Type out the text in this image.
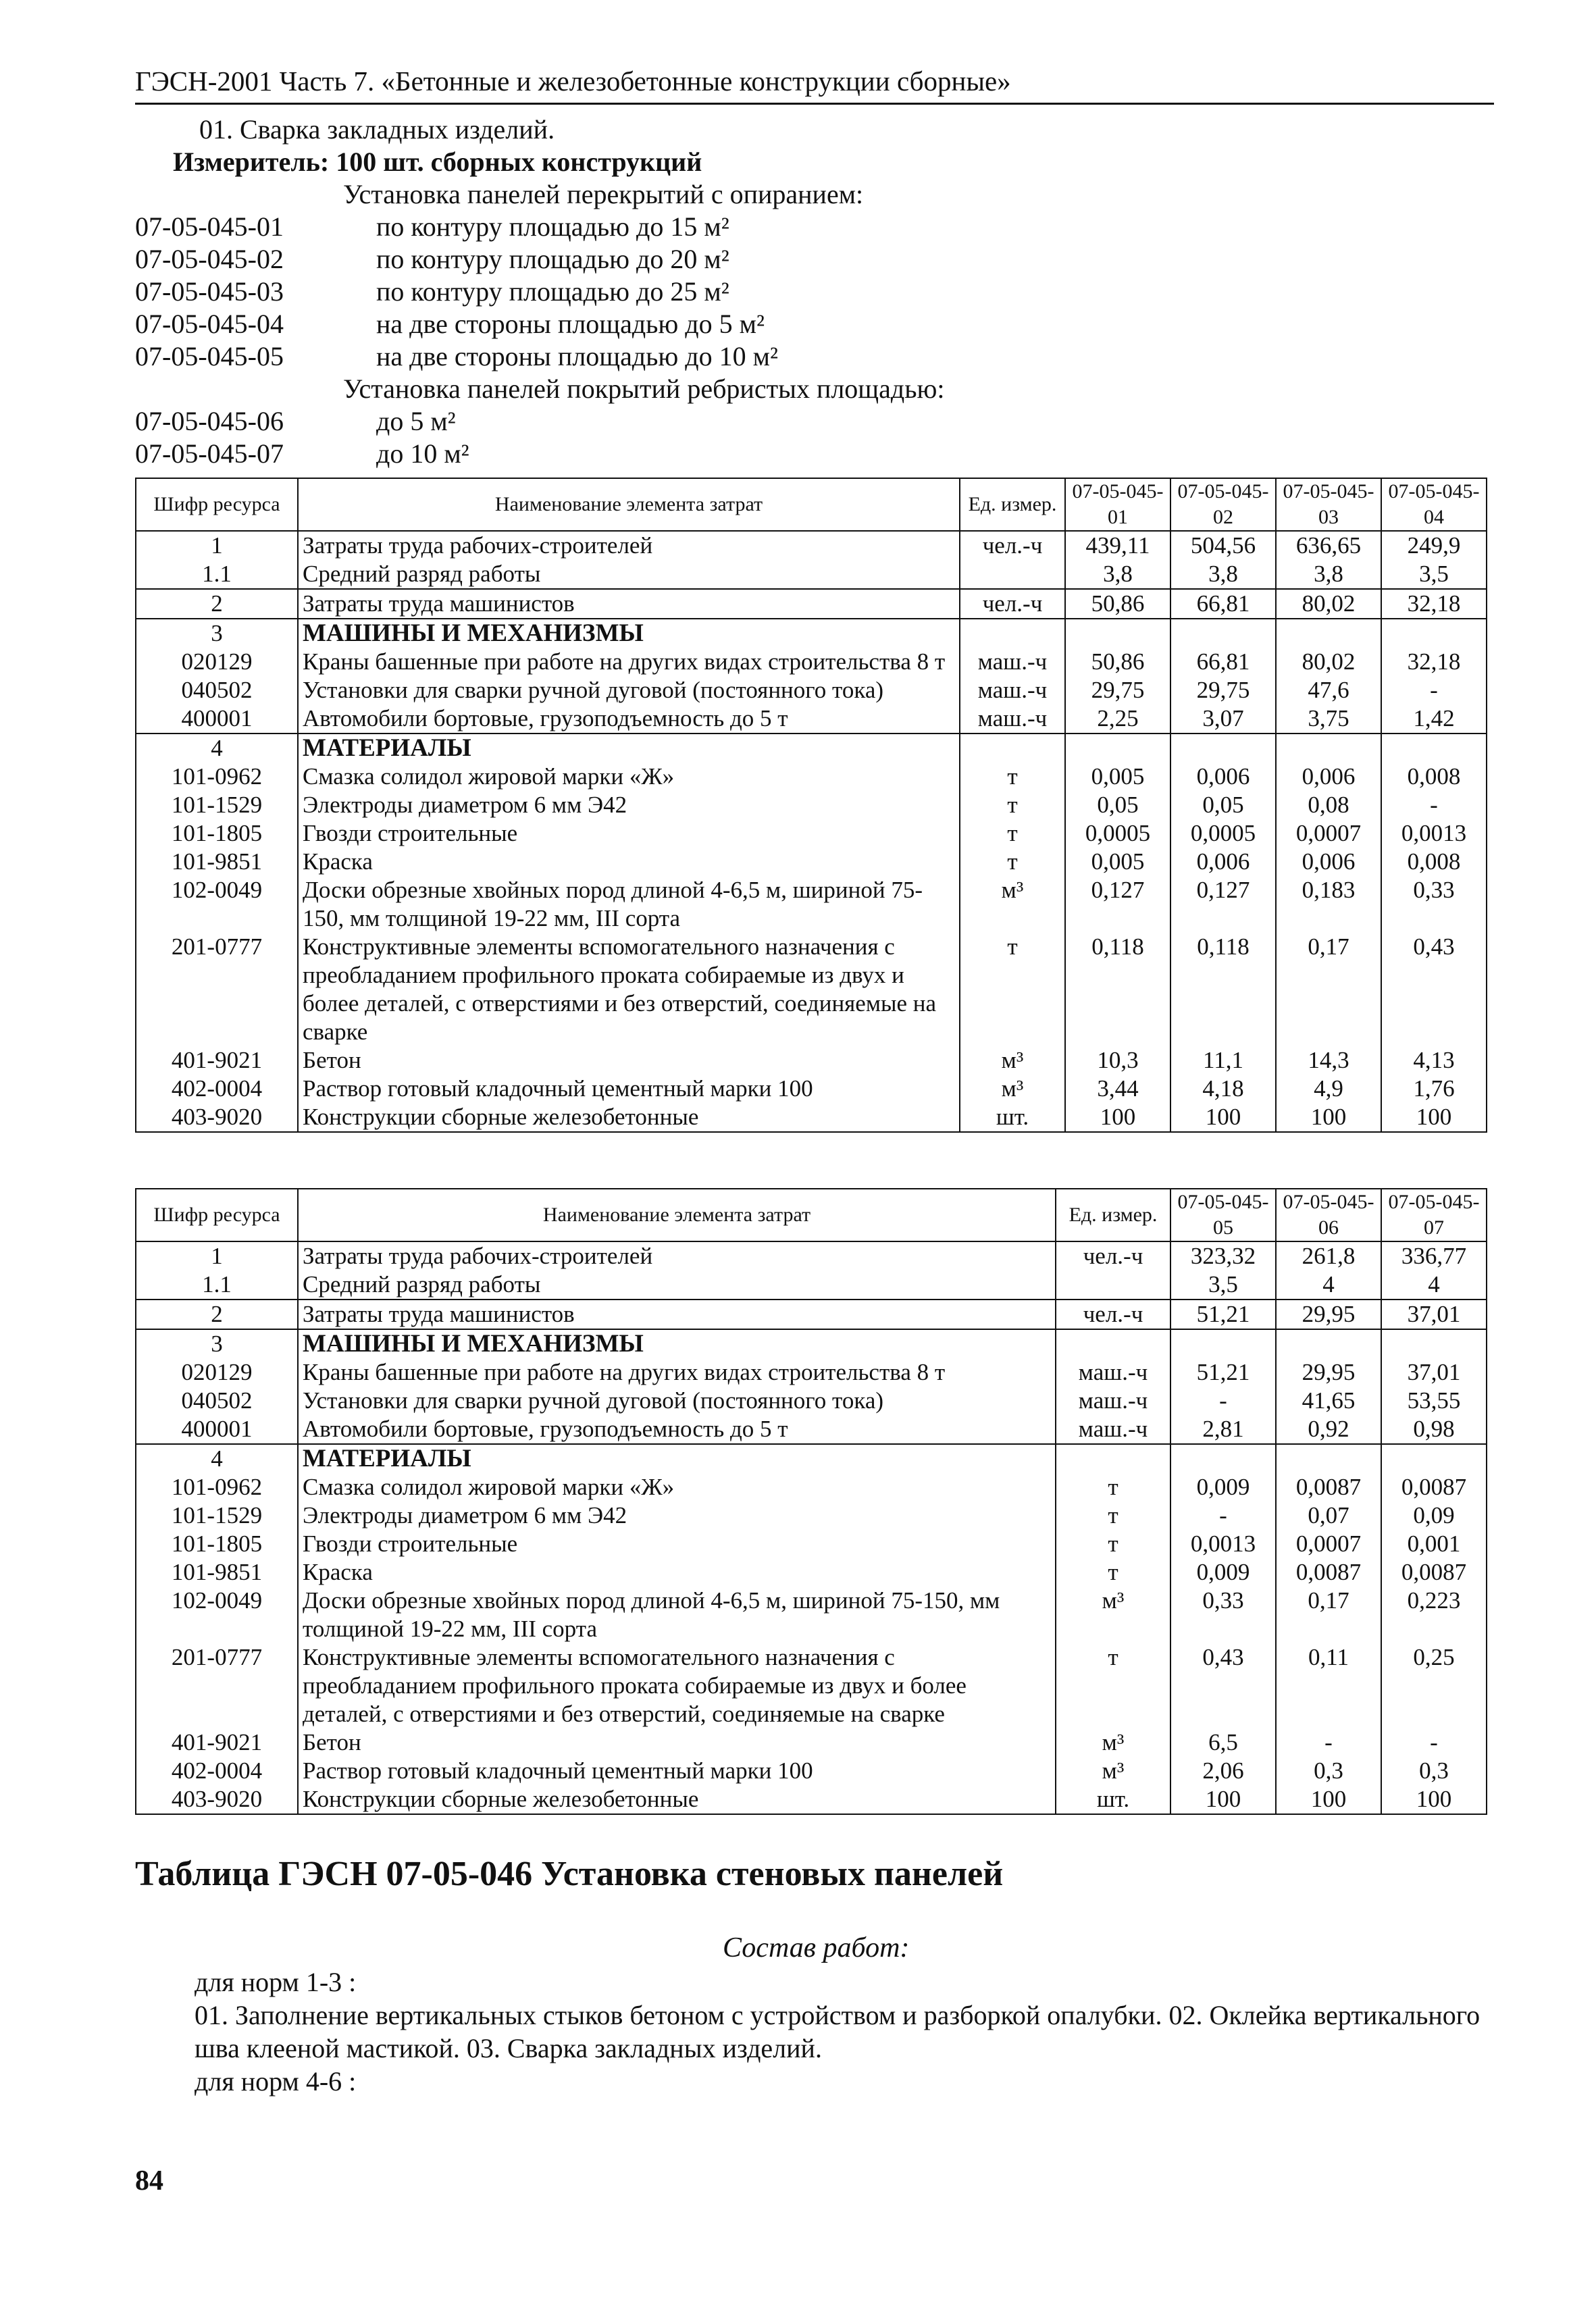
ГЭСН-2001 Часть 7. «Бетонные и железобетонные конструкции сборные»
01. Сварка закладных изделий.
Измеритель: 100 шт. сборных конструкций
Установка панелей перекрытий с опиранием:
07-05-045-01	по контуру площадью до 15 м²
07-05-045-02	по контуру площадью до 20 м²
07-05-045-03	по контуру площадью до 25 м²
07-05-045-04	на две стороны площадью до 5 м²
07-05-045-05	на две стороны площадью до 10 м²
Установка панелей покрытий ребристых площадью:
07-05-045-06	до 5 м²
07-05-045-07	до 10 м²
Шифр ресурса	Наименование элемента затрат	Ед. измер.	07-05-045-01	07-05-045-02	07-05-045-03	07-05-045-04
1	Затраты труда рабочих-строителей	чел.-ч	439,11	504,56	636,65	249,9
1.1	Средний разряд работы		3,8	3,8	3,8	3,5
2	Затраты труда машинистов	чел.-ч	50,86	66,81	80,02	32,18
3	МАШИНЫ И МЕХАНИЗМЫ					
020129	Краны башенные при работе на других видах строительства 8 т	маш.-ч	50,86	66,81	80,02	32,18
040502	Установки для сварки ручной дуговой (постоянного тока)	маш.-ч	29,75	29,75	47,6	-
400001	Автомобили бортовые, грузоподъемность до 5 т	маш.-ч	2,25	3,07	3,75	1,42
4	МАТЕРИАЛЫ					
101-0962	Смазка солидол жировой марки «Ж»	т	0,005	0,006	0,006	0,008
101-1529	Электроды диаметром 6 мм Э42	т	0,05	0,05	0,08	-
101-1805	Гвозди строительные	т	0,0005	0,0005	0,0007	0,0013
101-9851	Краска	т	0,005	0,006	0,006	0,008
102-0049	Доски обрезные хвойных пород длиной 4-6,5 м, шириной 75-150, мм толщиной 19-22 мм, III сорта	м³	0,127	0,127	0,183	0,33
201-0777	Конструктивные элементы вспомогательного назначения с преобладанием профильного проката собираемые из двух и более деталей, с отверстиями и без отверстий, соединяемые на сварке	т	0,118	0,118	0,17	0,43
401-9021	Бетон	м³	10,3	11,1	14,3	4,13
402-0004	Раствор готовый кладочный цементный марки 100	м³	3,44	4,18	4,9	1,76
403-9020	Конструкции сборные железобетонные	шт.	100	100	100	100
Шифр ресурса	Наименование элемента затрат	Ед. измер.	07-05-045-05	07-05-045-06	07-05-045-07
1	Затраты труда рабочих-строителей	чел.-ч	323,32	261,8	336,77
1.1	Средний разряд работы		3,5	4	4
2	Затраты труда машинистов	чел.-ч	51,21	29,95	37,01
3	МАШИНЫ И МЕХАНИЗМЫ				
020129	Краны башенные при работе на других видах строительства 8 т	маш.-ч	51,21	29,95	37,01
040502	Установки для сварки ручной дуговой (постоянного тока)	маш.-ч	-	41,65	53,55
400001	Автомобили бортовые, грузоподъемность до 5 т	маш.-ч	2,81	0,92	0,98
4	МАТЕРИАЛЫ				
101-0962	Смазка солидол жировой марки «Ж»	т	0,009	0,0087	0,0087
101-1529	Электроды диаметром 6 мм Э42	т	-	0,07	0,09
101-1805	Гвозди строительные	т	0,0013	0,0007	0,001
101-9851	Краска	т	0,009	0,0087	0,0087
102-0049	Доски обрезные хвойных пород длиной 4-6,5 м, шириной 75-150, мм толщиной 19-22 мм, III сорта	м³	0,33	0,17	0,223
201-0777	Конструктивные элементы вспомогательного назначения с преобладанием профильного проката собираемые из двух и более деталей, с отверстиями и без отверстий, соединяемые на сварке	т	0,43	0,11	0,25
401-9021	Бетон	м³	6,5	-	-
402-0004	Раствор готовый кладочный цементный марки 100	м³	2,06	0,3	0,3
403-9020	Конструкции сборные железобетонные	шт.	100	100	100
Таблица ГЭСН 07-05-046 Установка стеновых панелей
Состав работ:
для норм 1-3 :
01. Заполнение вертикальных стыков бетоном с устройством и разборкой опалубки. 02. Оклейка вертикального шва клееной мастикой. 03. Сварка закладных изделий.
для норм 4-6 :
84
